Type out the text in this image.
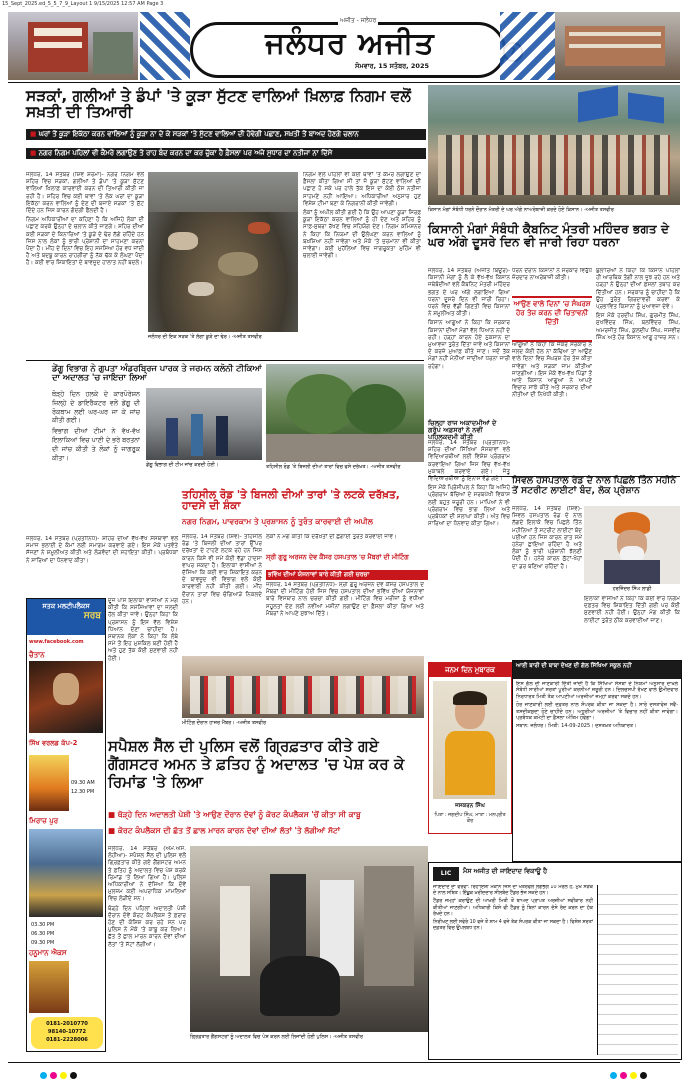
15_Sept_2025.ed_5_5_7_9_Layout 1 9/15/2025 12:57 AM Page 3
ਜਲੰਧਰ ਅਜੀਤ
ਅਜੀਤ - ਜਲੰਧਰ
ਸੋਮਵਾਰ, 15 ਸਤੰਬਰ, 2025
ਸੜਕਾਂ, ਗਲੀਆਂ ਤੇ ਡੰਪਾਂ 'ਤੇ ਕੂੜਾ ਸੁੱਟਣ ਵਾਲਿਆਂ ਖ਼ਿਲਾਫ਼ ਨਿਗਮ ਵਲੋਂ ਸਖ਼ਤੀ ਦੀ ਤਿਆਰੀ
■ ਘਰਾਂ ਤੋਂ ਕੂੜਾ ਇਕੱਠਾ ਕਰਨ ਵਾਲਿਆਂ ਨੂੰ ਕੂੜਾ ਨਾ ਦੇ ਕੇ ਸੜਕਾਂ 'ਤੇ ਸੁੱਟਣ ਵਾਲਿਆਂ ਦੀ ਹੋਵੇਗੀ ਪਛਾਣ, ਸਖ਼ਤੀ ਤੋਂ ਬਾਅਦ ਹੋਣਗੇ ਚਲਾਨ
■ ਨਗਰ ਨਿਗਮ ਪਹਿਲਾਂ ਵੀ ਕੈਮਰੇ ਲਗਾਉਣ ਤੇ ਰਾਹ ਬੰਦ ਕਰਨ ਦਾ ਕਰ ਚੁੱਕਾ ਹੈ ਫ਼ੈਸਲਾ ਪਰ ਅਜੇ ਸੁਧਾਰ ਦਾ ਨਤੀਜਾ ਨਾ ਦਿੱਸੇ

ਜਲੰਧਰ, 14 ਸਤੰਬਰ (ਸ਼ਿਵ ਸ਼ਰਮਾ)- ਨਗਰ ਨਿਗਮ ਵਲੋਂ ਸ਼ਹਿਰ ਵਿਚ ਸੜਕਾਂ, ਗਲੀਆਂ ਤੇ ਡੰਪਾਂ 'ਤੇ ਕੂੜਾ ਸੁੱਟਣ ਵਾਲਿਆਂ ਖ਼ਿਲਾਫ਼ ਕਾਰਵਾਈ ਕਰਨ ਦੀ ਤਿਆਰੀ ਕੀਤੀ ਜਾ ਰਹੀ ਹੈ। ਸ਼ਹਿਰ ਵਿਚ ਕਈ ਥਾਵਾਂ 'ਤੇ ਲੋਕ ਘਰਾਂ ਦਾ ਕੂੜਾ ਇਕੱਠਾ ਕਰਨ ਵਾਲਿਆਂ ਨੂੰ ਦੇਣ ਦੀ ਬਜਾਏ ਸੜਕਾਂ 'ਤੇ ਸੁੱਟ ਦਿੰਦੇ ਹਨ ਜਿਸ ਕਾਰਨ ਗੰਦਗੀ ਫੈਲਦੀ ਹੈ।

ਨਿਗਮ ਅਧਿਕਾਰੀਆਂ ਦਾ ਕਹਿਣਾ ਹੈ ਕਿ ਅਜਿਹੇ ਲੋਕਾਂ ਦੀ ਪਛਾਣ ਕਰਕੇ ਉਨ੍ਹਾਂ ਦੇ ਚਲਾਨ ਕੀਤੇ ਜਾਣਗੇ। ਸ਼ਹਿਰ ਦੀਆਂ ਕਈ ਸੜਕਾਂ ਦੇ ਕਿਨਾਰਿਆਂ 'ਤੇ ਕੂੜੇ ਦੇ ਢੇਰ ਲੱਗੇ ਰਹਿੰਦੇ ਹਨ ਜਿਸ ਨਾਲ ਲੋਕਾਂ ਨੂੰ ਭਾਰੀ ਪ੍ਰੇਸ਼ਾਨੀ ਦਾ ਸਾਹਮਣਾ ਕਰਨਾ ਪੈਂਦਾ ਹੈ। ਮੀਂਹ ਦੇ ਦਿਨਾਂ ਵਿਚ ਇਹ ਸਮੱਸਿਆ ਹੋਰ ਵਧ ਜਾਂਦੀ ਹੈ ਅਤੇ ਬਦਬੂ ਕਾਰਨ ਰਾਹਗੀਰਾਂ ਨੂੰ ਨੱਕ ਢੱਕ ਕੇ ਲੰਘਣਾ ਪੈਂਦਾ ਹੈ। ਕਈ ਵਾਰ ਸ਼ਿਕਾਇਤਾਂ ਦੇ ਬਾਵਜੂਦ ਹਾਲਾਤ ਨਹੀਂ ਬਦਲੇ।

ਜਲੰਧਰ ਦੀ ਇਕ ਸੜਕ 'ਤੇ ਲੱਗਾ ਕੂੜੇ ਦਾ ਢੇਰ। -ਅਜੀਤ ਤਸਵੀਰ

ਨਿਗਮ ਵਲੋਂ ਪਹਿਲਾਂ ਵੀ ਕਈ ਥਾਵਾਂ 'ਤੇ ਕੈਮਰੇ ਲਗਾਉਣ ਦਾ ਫ਼ੈਸਲਾ ਕੀਤਾ ਗਿਆ ਸੀ ਤਾਂ ਜੋ ਕੂੜਾ ਸੁੱਟਣ ਵਾਲਿਆਂ ਦੀ ਪਛਾਣ ਹੋ ਸਕੇ ਪਰ ਹਾਲੇ ਤੱਕ ਇਸ ਦਾ ਕੋਈ ਠੋਸ ਨਤੀਜਾ ਸਾਹਮਣੇ ਨਹੀਂ ਆਇਆ। ਅਧਿਕਾਰੀਆਂ ਅਨੁਸਾਰ ਹੁਣ ਵਿਸ਼ੇਸ਼ ਟੀਮਾਂ ਬਣਾ ਕੇ ਨਿਗਰਾਨੀ ਕੀਤੀ ਜਾਵੇਗੀ।

ਲੋਕਾਂ ਨੂੰ ਅਪੀਲ ਕੀਤੀ ਗਈ ਹੈ ਕਿ ਉਹ ਆਪਣਾ ਕੂੜਾ ਸਿਰਫ਼ ਕੂੜਾ ਇਕੱਠਾ ਕਰਨ ਵਾਲਿਆਂ ਨੂੰ ਹੀ ਦੇਣ ਅਤੇ ਸ਼ਹਿਰ ਨੂੰ ਸਾਫ਼-ਸੁਥਰਾ ਰੱਖਣ ਵਿਚ ਸਹਿਯੋਗ ਦੇਣ। ਨਿਗਮ ਕਮਿਸ਼ਨਰ ਨੇ ਕਿਹਾ ਕਿ ਨਿਯਮਾਂ ਦੀ ਉਲੰਘਣਾ ਕਰਨ ਵਾਲਿਆਂ ਨੂੰ ਬਖ਼ਸ਼ਿਆ ਨਹੀਂ ਜਾਵੇਗਾ ਅਤੇ ਮੌਕੇ 'ਤੇ ਜੁਰਮਾਨਾ ਵੀ ਕੀਤਾ ਜਾਵੇਗਾ। ਕਈ ਮੁਹੱਲਿਆਂ ਵਿਚ ਜਾਗਰੂਕਤਾ ਮੁਹਿੰਮ ਵੀ ਚਲਾਈ ਜਾਵੇਗੀ।

ਕਿਸਾਨ ਮੰਗਾਂ ਸੰਬੰਧੀ ਧਰਨੇ ਦੌਰਾਨ ਮੰਤਰੀ ਦੇ ਘਰ ਅੱਗੇ ਨਾਅਰੇਬਾਜ਼ੀ ਕਰਦੇ ਹੋਏ ਕਿਸਾਨ। -ਅਜੀਤ ਤਸਵੀਰ
ਕਿਸਾਨੀ ਮੰਗਾਂ ਸੰਬੰਧੀ ਕੈਬਨਿਟ ਮੰਤਰੀ ਮਹਿੰਦਰ ਭਗਤ ਦੇ ਘਰ ਅੱਗੇ ਦੂਸਰੇ ਦਿਨ ਵੀ ਜਾਰੀ ਰਿਹਾ ਧਰਨਾ

ਜਲੰਧਰ, 14 ਸਤੰਬਰ (ਅਜੀਤ ਬਿਊਰੋ)- ਕਿਸਾਨੀ ਮੰਗਾਂ ਨੂੰ ਲੈ ਕੇ ਵੱਖ-ਵੱਖ ਕਿਸਾਨ ਜਥੇਬੰਦੀਆਂ ਵਲੋਂ ਕੈਬਨਿਟ ਮੰਤਰੀ ਮਹਿੰਦਰ ਭਗਤ ਦੇ ਘਰ ਅੱਗੇ ਲਗਾਇਆ ਗਿਆ ਧਰਨਾ ਦੂਸਰੇ ਦਿਨ ਵੀ ਜਾਰੀ ਰਿਹਾ। ਧਰਨੇ ਵਿਚ ਵੱਡੀ ਗਿਣਤੀ ਵਿਚ ਕਿਸਾਨਾਂ ਨੇ ਸ਼ਮੂਲੀਅਤ ਕੀਤੀ।

ਕਿਸਾਨ ਆਗੂਆਂ ਨੇ ਕਿਹਾ ਕਿ ਸਰਕਾਰ ਕਿਸਾਨਾਂ ਦੀਆਂ ਮੰਗਾਂ ਵੱਲ ਧਿਆਨ ਨਹੀਂ ਦੇ ਰਹੀ। ਹੜ੍ਹਾਂ ਕਾਰਨ ਹੋਏ ਨੁਕਸਾਨ ਦਾ ਮੁਆਵਜ਼ਾ ਤੁਰੰਤ ਦਿੱਤਾ ਜਾਵੇ ਅਤੇ ਕਿਸਾਨਾਂ ਦੇ ਕਰਜ਼ੇ ਮੁਆਫ਼ ਕੀਤੇ ਜਾਣ। ਜਦੋਂ ਤੱਕ ਮੰਗਾਂ ਨਹੀਂ ਮੰਨੀਆਂ ਜਾਂਦੀਆਂ ਧਰਨਾ ਜਾਰੀ ਰਹੇਗਾ।

ਆਉਣ ਵਾਲੇ ਦਿਨਾਂ 'ਚ ਸੰਘਰਸ਼ ਹੋਰ ਤੇਜ਼ ਕਰਨ ਦੀ ਚਿਤਾਵਨੀ ਦਿੱਤੀ

ਧਰਨੇ ਦੌਰਾਨ ਕਿਸਾਨਾਂ ਨੇ ਸਰਕਾਰ ਵਿਰੁੱਧ ਜ਼ੋਰਦਾਰ ਨਾਅਰੇਬਾਜ਼ੀ ਕੀਤੀ।

ਆਗੂਆਂ ਨੇ ਕਿਹਾ ਕਿ ਜੇਕਰ ਸਰਕਾਰ ਨੇ ਜਲਦ ਕੋਈ ਹੱਲ ਨਾ ਕੱਢਿਆ ਤਾਂ ਆਉਣ ਵਾਲੇ ਦਿਨਾਂ ਵਿਚ ਸੰਘਰਸ਼ ਹੋਰ ਤੇਜ਼ ਕੀਤਾ ਜਾਵੇਗਾ ਅਤੇ ਸੜਕਾਂ ਜਾਮ ਕੀਤੀਆਂ ਜਾਣਗੀਆਂ। ਇਸ ਮੌਕੇ ਵੱਖ-ਵੱਖ ਪਿੰਡਾਂ ਤੋਂ ਆਏ ਕਿਸਾਨ ਆਗੂਆਂ ਨੇ ਆਪਣੇ ਵਿਚਾਰ ਸਾਂਝੇ ਕੀਤੇ ਅਤੇ ਸਰਕਾਰ ਦੀਆਂ ਨੀਤੀਆਂ ਦੀ ਨਿਖੇਧੀ ਕੀਤੀ।

ਬੁਲਾਰਿਆਂ ਨੇ ਕਿਹਾ ਕਿ ਕਿਸਾਨ ਪਹਿਲਾਂ ਹੀ ਆਰਥਿਕ ਤੰਗੀ ਨਾਲ ਜੂਝ ਰਹੇ ਹਨ ਅਤੇ ਹੜ੍ਹਾਂ ਨੇ ਉਨ੍ਹਾਂ ਦੀਆਂ ਫ਼ਸਲਾਂ ਤਬਾਹ ਕਰ ਦਿੱਤੀਆਂ ਹਨ। ਸਰਕਾਰ ਨੂੰ ਚਾਹੀਦਾ ਹੈ ਕਿ ਉਹ ਤੁਰੰਤ ਗਿਰਦਾਵਰੀ ਕਰਵਾ ਕੇ ਪ੍ਰਭਾਵਿਤ ਕਿਸਾਨਾਂ ਨੂੰ ਮੁਆਵਜ਼ਾ ਦੇਵੇ।

ਇਸ ਮੌਕੇ ਹਰਦੀਪ ਸਿੰਘ, ਗੁਰਮੀਤ ਸਿੰਘ, ਸੁਖਵਿੰਦਰ ਸਿੰਘ, ਬਲਵਿੰਦਰ ਸਿੰਘ, ਅਮਰਜੀਤ ਸਿੰਘ, ਕੁਲਦੀਪ ਸਿੰਘ, ਜਸਵੀਰ ਸਿੰਘ ਅਤੇ ਹੋਰ ਕਿਸਾਨ ਆਗੂ ਹਾਜ਼ਰ ਸਨ।

ਡੇਂਗੂ ਵਿਭਾਗ ਨੇ ਗੁਪਤਾ ਅੰਡਰਬ੍ਰਿਜ ਪਾਰਕ ਤੇ ਜਰਮਨ ਕਲੋਨੀ ਟੀਕਿਆਂ ਦਾ ਅਦਾਲਤ 'ਚ ਜਾਇਜ਼ਾ ਲਿਆ

ਥੋੜ੍ਹੇ ਦਿਨ ਹਲਕੇ ਦੇ ਕਾਰਪੋਰੇਸ਼ਨ ਜ਼ਿਲ੍ਹੇ ਦੇ ਡਾਇਰੈਕਟਰ ਵਲੋਂ ਡੇਂਗੂ ਦੀ ਰੋਕਥਾਮ ਲਈ ਘਰ-ਘਰ ਜਾ ਕੇ ਜਾਂਚ ਕੀਤੀ ਗਈ।

ਵਿਭਾਗ ਦੀਆਂ ਟੀਮਾਂ ਨੇ ਵੱਖ-ਵੱਖ ਇਲਾਕਿਆਂ ਵਿਚ ਪਾਣੀ ਦੇ ਭਰੇ ਬਰਤਨਾਂ ਦੀ ਜਾਂਚ ਕੀਤੀ ਤੇ ਲੋਕਾਂ ਨੂੰ ਜਾਗਰੂਕ ਕੀਤਾ।

ਡੇਂਗੂ ਵਿਭਾਗ ਦੀ ਟੀਮ ਜਾਂਚ ਕਰਦੀ ਹੋਈ।	ਤਹਿਸੀਲ ਰੋਡ 'ਤੇ ਬਿਜਲੀ ਦੀਆਂ ਤਾਰਾਂ ਵਿਚ ਫਸੇ ਦਰੱਖ਼ਤ। -ਅਜੀਤ ਤਸਵੀਰ
ਤਹਿਸੀਲ ਰੋਡ 'ਤੇ ਬਿਜਲੀ ਦੀਆਂ ਤਾਰਾਂ 'ਤੇ ਲਟਕੇ ਦਰੱਖ਼ਤ, ਹਾਦਸੇ ਦੀ ਸ਼ੰਕਾ
ਨਗਰ ਨਿਗਮ, ਪਾਵਰਕਾਮ ਤੇ ਪ੍ਰਸ਼ਾਸਨ ਨੂੰ ਤੁਰੰਤ ਕਾਰਵਾਈ ਦੀ ਅਪੀਲ

ਜਲੰਧਰ, 14 ਸਤੰਬਰ (ਸ਼ਿਵ)- ਤਹਿਸੀਲ ਰੋਡ 'ਤੇ ਬਿਜਲੀ ਦੀਆਂ ਤਾਰਾਂ ਉੱਪਰ ਦਰੱਖ਼ਤਾਂ ਦੇ ਟਾਹਣੇ ਲਟਕ ਰਹੇ ਹਨ ਜਿਸ ਕਾਰਨ ਕਿਸੇ ਵੀ ਸਮੇਂ ਕੋਈ ਵੱਡਾ ਹਾਦਸਾ ਵਾਪਰ ਸਕਦਾ ਹੈ। ਇਲਾਕਾ ਵਾਸੀਆਂ ਨੇ ਦੱਸਿਆ ਕਿ ਕਈ ਵਾਰ ਸ਼ਿਕਾਇਤ ਕਰਨ ਦੇ ਬਾਵਜੂਦ ਵੀ ਵਿਭਾਗ ਵਲੋਂ ਕੋਈ ਕਾਰਵਾਈ ਨਹੀਂ ਕੀਤੀ ਗਈ। ਮੀਂਹ ਦੌਰਾਨ ਤਾਰਾਂ ਵਿਚ ਚੰਗਿਆੜੇ ਨਿਕਲਦੇ ਹਨ।

ਲੋਕਾਂ ਨੇ ਮੰਗ ਕੀਤੀ ਕਿ ਦਰੱਖ਼ਤਾਂ ਦੀ ਛੰਗਾਈ ਤੁਰੰਤ ਕਰਵਾਈ ਜਾਵੇ।

ਸ੍ਰੀ ਗੁਰੂ ਅਰਜਨ ਦੇਵ ਕੈਂਸਰ ਹਸਪਤਾਲ 'ਚ ਮੈਂਬਰਾਂ ਦੀ ਮੀਟਿੰਗ
ਭਵਿੱਖ ਦੀਆਂ ਯੋਜਨਾਵਾਂ ਬਾਰੇ ਕੀਤੀ ਗਈ ਚਰਚਾ

ਜਲੰਧਰ, 14 ਸਤੰਬਰ (ਪ੍ਰਤੀਨਿਧ)- ਸ੍ਰੀ ਗੁਰੂ ਅਰਜਨ ਦੇਵ ਕੈਂਸਰ ਹਸਪਤਾਲ ਦੇ ਮੈਂਬਰਾਂ ਦੀ ਮੀਟਿੰਗ ਹੋਈ ਜਿਸ ਵਿਚ ਹਸਪਤਾਲ ਦੀਆਂ ਭਵਿੱਖ ਦੀਆਂ ਯੋਜਨਾਵਾਂ ਬਾਰੇ ਵਿਸਥਾਰ ਨਾਲ ਚਰਚਾ ਕੀਤੀ ਗਈ। ਮੀਟਿੰਗ ਵਿਚ ਮਰੀਜ਼ਾਂ ਨੂੰ ਵਧੀਆ ਸਹੂਲਤਾਂ ਦੇਣ ਲਈ ਨਵੀਆਂ ਮਸ਼ੀਨਾਂ ਲਗਾਉਣ ਦਾ ਫ਼ੈਸਲਾ ਕੀਤਾ ਗਿਆ ਅਤੇ ਮੈਂਬਰਾਂ ਨੇ ਆਪਣੇ ਸੁਝਾਅ ਦਿੱਤੇ।

ਮੀਟਿੰਗ ਦੌਰਾਨ ਹਾਜ਼ਰ ਮੈਂਬਰ। -ਅਜੀਤ ਤਸਵੀਰ

ਜਲੰਧਰ, 14 ਸਤੰਬਰ (ਪ੍ਰਤੀਨਿਧ)- ਸ਼ਹਿਰ ਦੀਆਂ ਵੱਖ-ਵੱਖ ਸੰਸਥਾਵਾਂ ਵਲੋਂ ਸਮਾਜ ਭਲਾਈ ਦੇ ਕੰਮਾਂ ਲਈ ਸਮਾਗਮ ਕਰਵਾਏ ਗਏ। ਇਸ ਮੌਕੇ ਪਤਵੰਤੇ ਸੱਜਣਾਂ ਨੇ ਸ਼ਮੂਲੀਅਤ ਕੀਤੀ ਅਤੇ ਲੋੜਵੰਦਾਂ ਦੀ ਸਹਾਇਤਾ ਕੀਤੀ। ਪ੍ਰਬੰਧਕਾਂ ਨੇ ਸਾਰਿਆਂ ਦਾ ਧੰਨਵਾਦ ਕੀਤਾ।

ਸਤਕ ਮਲਟੀਪਲੈਕਸ
ਸਰਬ
www.facebook.com
ਚੈਤਾਨ
ਸਿੱਖ ਵਰਲਡ ਕੱਪ-2
09.30 AM
12.30 PM
ਮਿਰਾਜ਼ ਪੁਰ
03.30 PM
06.30 PM
09.30 PM
ਹਨੂਮਾਨ ਐਕਸ
0181-2010770
98140-10772
0181-2228006

ਦੂਜੇ ਪਾਸੇ ਇਲਾਕਾ ਵਾਸੀਆਂ ਨੇ ਮੰਗ ਕੀਤੀ ਕਿ ਸਮੱਸਿਆਵਾਂ ਦਾ ਜਲਦੀ ਹੱਲ ਕੀਤਾ ਜਾਵੇ। ਉਨ੍ਹਾਂ ਕਿਹਾ ਕਿ ਪ੍ਰਸ਼ਾਸਨ ਨੂੰ ਇਸ ਵੱਲ ਵਿਸ਼ੇਸ਼ ਧਿਆਨ ਦੇਣਾ ਚਾਹੀਦਾ ਹੈ। ਸਥਾਨਕ ਲੋਕਾਂ ਨੇ ਕਿਹਾ ਕਿ ਲੰਬੇ ਸਮੇਂ ਤੋਂ ਇਹ ਮੁਸ਼ਕਿਲ ਬਣੀ ਹੋਈ ਹੈ ਅਤੇ ਹੁਣ ਤੱਕ ਕੋਈ ਸੁਣਵਾਈ ਨਹੀਂ ਹੋਈ।

ਸਪੈਸ਼ਲ ਸੈੱਲ ਦੀ ਪੁਲਿਸ ਵਲੋਂ ਗ੍ਰਿਫ਼ਤਾਰ ਕੀਤੇ ਗਏ ਗੈਂਗਸਟਰ ਅਮਨ ਤੇ ਫ਼ਤਿਹ ਨੂੰ ਅਦਾਲਤ 'ਚ ਪੇਸ਼ ਕਰ ਕੇ ਰਿਮਾਂਡ 'ਤੇ ਲਿਆ
■ ਥੋੜ੍ਹੇ ਦਿਨ ਅਦਾਲਤੀ ਪੇਸ਼ੀ 'ਤੇ ਆਉਣ ਦੌਰਾਨ ਦੋਵਾਂ ਨੂੰ ਕੋਰਟ ਕੰਪਲੈਕਸ 'ਚੋਂ ਕੀਤਾ ਸੀ ਕਾਬੂ
■ ਕੋਰਟ ਕੰਪਲੈਕਸ ਦੀ ਛੱਤ ਤੋਂ ਛਾਲ ਮਾਰਨ ਕਾਰਨ ਦੋਵਾਂ ਦੀਆਂ ਲੱਤਾਂ 'ਤੇ ਲੱਗੀਆਂ ਸੱਟਾਂ

ਜਲੰਧਰ, 14 ਸਤੰਬਰ (ਐਮ.ਐਸ. ਲੋਹੀਆ)- ਸਪੈਸ਼ਲ ਸੈੱਲ ਦੀ ਪੁਲਿਸ ਵਲੋਂ ਗ੍ਰਿਫ਼ਤਾਰ ਕੀਤੇ ਗਏ ਗੈਂਗਸਟਰ ਅਮਨ ਤੇ ਫ਼ਤਿਹ ਨੂੰ ਅਦਾਲਤ ਵਿਚ ਪੇਸ਼ ਕਰਕੇ ਰਿਮਾਂਡ 'ਤੇ ਲਿਆ ਗਿਆ ਹੈ। ਪੁਲਿਸ ਅਧਿਕਾਰੀਆਂ ਨੇ ਦੱਸਿਆ ਕਿ ਦੋਵੇਂ ਮੁਲਜ਼ਮ ਕਈ ਅਪਰਾਧਿਕ ਮਾਮਲਿਆਂ ਵਿਚ ਲੋੜੀਂਦੇ ਸਨ।

ਥੋੜ੍ਹੇ ਦਿਨ ਪਹਿਲਾਂ ਅਦਾਲਤੀ ਪੇਸ਼ੀ ਦੌਰਾਨ ਦੋਵੇਂ ਕੋਰਟ ਕੰਪਲੈਕਸ ਤੋਂ ਫ਼ਰਾਰ ਹੋਣ ਦੀ ਕੋਸ਼ਿਸ਼ ਕਰ ਰਹੇ ਸਨ ਪਰ ਪੁਲਿਸ ਨੇ ਮੌਕੇ 'ਤੇ ਕਾਬੂ ਕਰ ਲਿਆ। ਛੱਤ ਤੋਂ ਛਾਲ ਮਾਰਨ ਕਾਰਨ ਦੋਵਾਂ ਦੀਆਂ ਲੱਤਾਂ 'ਤੇ ਸੱਟਾਂ ਲੱਗੀਆਂ।

ਗ੍ਰਿਫ਼ਤਾਰ ਗੈਂਗਸਟਰਾਂ ਨੂੰ ਅਦਾਲਤ ਵਿਚ ਪੇਸ਼ ਕਰਨ ਲਈ ਲਿਜਾਂਦੀ ਹੋਈ ਪੁਲਿਸ। -ਅਜੀਤ ਤਸਵੀਰ
ਚਿਲ੍ਹਾ ਰਾਜ ਅਕਾਦਮੀਆਂ ਦੇ ਗਰੁੱਪ ਅਫ਼ਸਰਾਂ ਨੇ ਨਵੀਂ ਪਹਿਲਕਦਮੀ ਕੀਤੀ

ਜਲੰਧਰ, 14 ਸਤੰਬਰ (ਪ੍ਰਤੀਨਿਧ)- ਸ਼ਹਿਰ ਦੀਆਂ ਸਿੱਖਿਆ ਸੰਸਥਾਵਾਂ ਵਲੋਂ ਵਿਦਿਆਰਥੀਆਂ ਲਈ ਵਿਸ਼ੇਸ਼ ਪ੍ਰੋਗਰਾਮ ਕਰਵਾਇਆ ਗਿਆ ਜਿਸ ਵਿਚ ਵੱਖ-ਵੱਖ ਮੁਕਾਬਲੇ ਕਰਵਾਏ ਗਏ। ਜੇਤੂ ਵਿਦਿਆਰਥੀਆਂ ਨੂੰ ਇਨਾਮ ਵੰਡੇ ਗਏ।

ਇਸ ਮੌਕੇ ਪ੍ਰਿੰਸੀਪਲ ਨੇ ਕਿਹਾ ਕਿ ਅਜਿਹੇ ਪ੍ਰੋਗਰਾਮ ਬੱਚਿਆਂ ਦੇ ਸਰਬਪੱਖੀ ਵਿਕਾਸ ਲਈ ਬਹੁਤ ਜ਼ਰੂਰੀ ਹਨ। ਮਾਪਿਆਂ ਨੇ ਵੀ ਪ੍ਰੋਗਰਾਮ ਵਿਚ ਭਾਗ ਲਿਆ ਅਤੇ ਪ੍ਰਬੰਧਕਾਂ ਦੀ ਸ਼ਲਾਘਾ ਕੀਤੀ। ਅੰਤ ਵਿਚ ਸਾਰਿਆਂ ਦਾ ਧੰਨਵਾਦ ਕੀਤਾ ਗਿਆ।

ਸਿਵਲ ਹਸਪਤਾਲ ਰੋਡ ਦੇ ਨਾਲ ਪਿਛਲੇ ਤਿੰਨ ਮਹੀਨੇ ਤੋਂ ਸਟਰੀਟ ਲਾਈਟਾਂ ਬੰਦ, ਲੋਕ ਪ੍ਰੇਸ਼ਾਨ

ਜਲੰਧਰ, 14 ਸਤੰਬਰ (ਸ਼ਿਵ)- ਸਿਵਲ ਹਸਪਤਾਲ ਰੋਡ ਦੇ ਨਾਲ ਲੱਗਦੇ ਇਲਾਕੇ ਵਿਚ ਪਿਛਲੇ ਤਿੰਨ ਮਹੀਨਿਆਂ ਤੋਂ ਸਟਰੀਟ ਲਾਈਟਾਂ ਬੰਦ ਪਈਆਂ ਹਨ ਜਿਸ ਕਾਰਨ ਰਾਤ ਸਮੇਂ ਹਨੇਰਾ ਛਾਇਆ ਰਹਿੰਦਾ ਹੈ ਅਤੇ ਲੋਕਾਂ ਨੂੰ ਭਾਰੀ ਪ੍ਰੇਸ਼ਾਨੀ ਝੱਲਣੀ ਪੈਂਦੀ ਹੈ। ਹਨੇਰੇ ਕਾਰਨ ਲੁੱਟਾਂ-ਖੋਹਾਂ ਦਾ ਡਰ ਬਣਿਆ ਰਹਿੰਦਾ ਹੈ।

ਹਰਜਿੰਦਰ ਸਿੰਘ ਲਾਡੀ

ਇਲਾਕਾ ਵਾਸੀਆਂ ਨੇ ਕਿਹਾ ਕਿ ਕਈ ਵਾਰ ਨਿਗਮ ਦਫ਼ਤਰ ਵਿਚ ਸ਼ਿਕਾਇਤ ਦਿੱਤੀ ਗਈ ਪਰ ਕੋਈ ਸੁਣਵਾਈ ਨਹੀਂ ਹੋਈ। ਉਨ੍ਹਾਂ ਮੰਗ ਕੀਤੀ ਕਿ ਲਾਈਟਾਂ ਤੁਰੰਤ ਠੀਕ ਕਰਵਾਈਆਂ ਜਾਣ।

ਜਨਮ ਦਿਨ ਮੁਬਾਰਕ
ਜਸਕਰਨ ਸਿੰਘ
ਪਿਤਾ : ਜਗਦੀਪ ਸਿੰਘ, ਮਾਤਾ : ਮਨਪ੍ਰੀਤ ਕੌਰ
ਆਈ ਬਾਰੀ ਦੀ ਬਾਬਾ ਦੇਖਣ ਦੀ ਗੱਲ ਸਿੱਖਿਆ ਸਕੂਲ ਨਹੀਂ

ਇਸ ਗੱਲ ਦੀ ਜਾਣਕਾਰੀ ਦਿੱਤੀ ਜਾਂਦੀ ਹੈ ਕਿ ਸਿੱਖਿਆ ਸੰਸਥਾ ਦੇ ਨਿਯਮਾਂ ਅਨੁਸਾਰ ਦਾਖ਼ਲੇ ਸੰਬੰਧੀ ਸਾਰੀਆਂ ਸ਼ਰਤਾਂ ਪੂਰੀਆਂ ਕਰਨੀਆਂ ਜ਼ਰੂਰੀ ਹਨ। ਦਿਲਚਸਪੀ ਰੱਖਣ ਵਾਲੇ ਉਮੀਦਵਾਰ ਨਿਰਧਾਰਤ ਮਿਤੀ ਤੱਕ ਆਪਣੀਆਂ ਅਰਜ਼ੀਆਂ ਜਮ੍ਹਾਂ ਕਰਵਾ ਸਕਦੇ ਹਨ।

ਹੋਰ ਜਾਣਕਾਰੀ ਲਈ ਦਫ਼ਤਰ ਨਾਲ ਸੰਪਰਕ ਕੀਤਾ ਜਾ ਸਕਦਾ ਹੈ। ਸਾਰੇ ਦਸਤਾਵੇਜ਼ ਸਵੈ-ਤਸਦੀਕਸ਼ੁਦਾ ਹੋਣੇ ਚਾਹੀਦੇ ਹਨ। ਅਧੂਰੀਆਂ ਅਰਜ਼ੀਆਂ 'ਤੇ ਵਿਚਾਰ ਨਹੀਂ ਕੀਤਾ ਜਾਵੇਗਾ। ਪ੍ਰਬੰਧਕ ਕਮੇਟੀ ਦਾ ਫ਼ੈਸਲਾ ਅੰਤਿਮ ਹੋਵੇਗਾ।

ਸਥਾਨ: ਜਲੰਧਰ। ਮਿਤੀ: 14-09-2025। ਦਸਤਖ਼ਤ ਅਧਿਕਾਰਤ।

LIC	ਮੈਸ ਅਜੀਤ ਦੀ ਜਾਇਦਾਦ ਵਿਕਾਊ ਹੈ

ਜਾਇਦਾਦ ਦਾ ਵੇਰਵਾ: ਰਿਹਾਇਸ਼ੀ ਮਕਾਨ ਜਿਸ ਦਾ ਖੇਤਰਫਲ ਲਗਭਗ 10 ਮਰਲੇ ਹੈ, ਮੁੱਖ ਸੜਕ ਦੇ ਨਾਲ ਸਥਿਤ। ਇੱਛੁਕ ਖ਼ਰੀਦਦਾਰ ਸੀਲਬੰਦ ਟੈਂਡਰ ਭੇਜ ਸਕਦੇ ਹਨ।

ਟੈਂਡਰ ਜਮ੍ਹਾਂ ਕਰਾਉਣ ਦੀ ਆਖ਼ਰੀ ਮਿਤੀ ਤੋਂ ਬਾਅਦ ਪ੍ਰਾਪਤ ਅਰਜ਼ੀਆਂ ਸਵੀਕਾਰ ਨਹੀਂ ਕੀਤੀਆਂ ਜਾਣਗੀਆਂ। ਅਧਿਕਾਰੀ ਕਿਸੇ ਵੀ ਟੈਂਡਰ ਨੂੰ ਬਿਨਾਂ ਕਾਰਨ ਦੱਸੇ ਰੱਦ ਕਰਨ ਦਾ ਹੱਕ ਰੱਖਦੇ ਹਨ।

ਨਿਰੀਖਣ ਲਈ ਸਵੇਰੇ 10 ਵਜੇ ਤੋਂ ਸ਼ਾਮ 4 ਵਜੇ ਤੱਕ ਸੰਪਰਕ ਕੀਤਾ ਜਾ ਸਕਦਾ ਹੈ। ਵਿਸ਼ੇਸ਼ ਸ਼ਰਤਾਂ ਦਫ਼ਤਰ ਵਿਚ ਉਪਲਬਧ ਹਨ।
